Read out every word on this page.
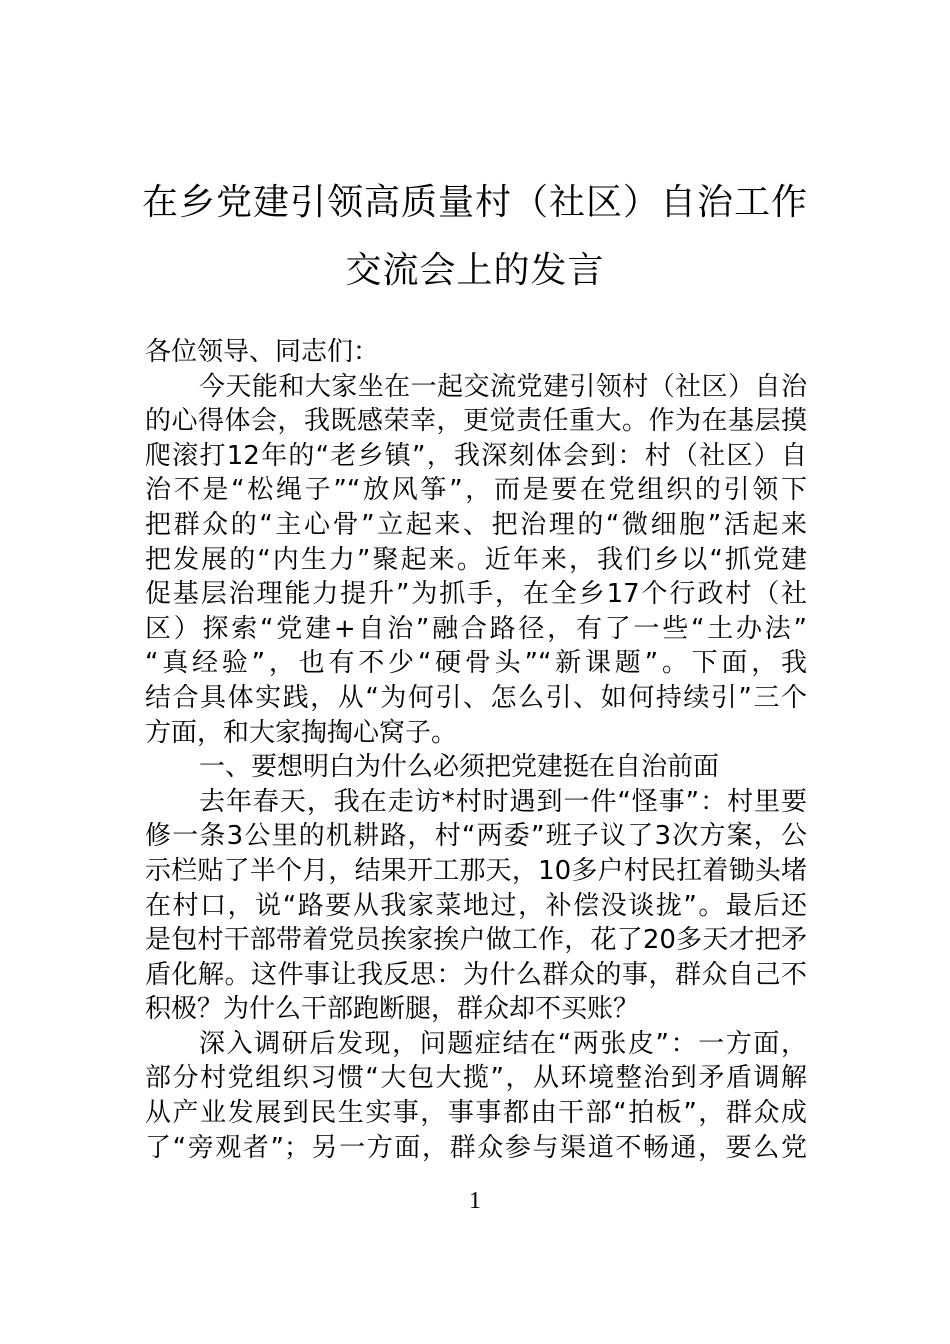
在乡党建引领高质量村（社区）自治工作
交流会上的发言
各位领导、同志们：
今天能和大家坐在一起交流党建引领村（社区）自治
的心得体会，我既感荣幸，更觉责任重大。作为在基层摸
爬滚打12年的“老乡镇”，我深刻体会到：村（社区）自
治不是“松绳子”“放风筝”，而是要在党组织的引领下
把群众的“主心骨”立起来、把治理的“微细胞”活起来
把发展的“内生力”聚起来。近年来，我们乡以“抓党建
促基层治理能力提升”为抓手，在全乡17个行政村（社
区）探索“党建+自治”融合路径，有了一些“土办法”
“真经验”，也有不少“硬骨头”“新课题”。下面，我
结合具体实践，从“为何引、怎么引、如何持续引”三个
方面，和大家掏掏心窝子。
一、要想明白为什么必须把党建挺在自治前面
去年春天，我在走访*村时遇到一件“怪事”：村里要
修一条3公里的机耕路，村“两委”班子议了3次方案，公
示栏贴了半个月，结果开工那天，10多户村民扛着锄头堵
在村口，说“路要从我家菜地过，补偿没谈拢”。最后还
是包村干部带着党员挨家挨户做工作，花了20多天才把矛
盾化解。这件事让我反思：为什么群众的事，群众自己不
积极？为什么干部跑断腿，群众却不买账？
深入调研后发现，问题症结在“两张皮”：一方面，
部分村党组织习惯“大包大揽”，从环境整治到矛盾调解
从产业发展到民生实事，事事都由干部“拍板”，群众成
了“旁观者”；另一方面，群众参与渠道不畅通，要么党
1
